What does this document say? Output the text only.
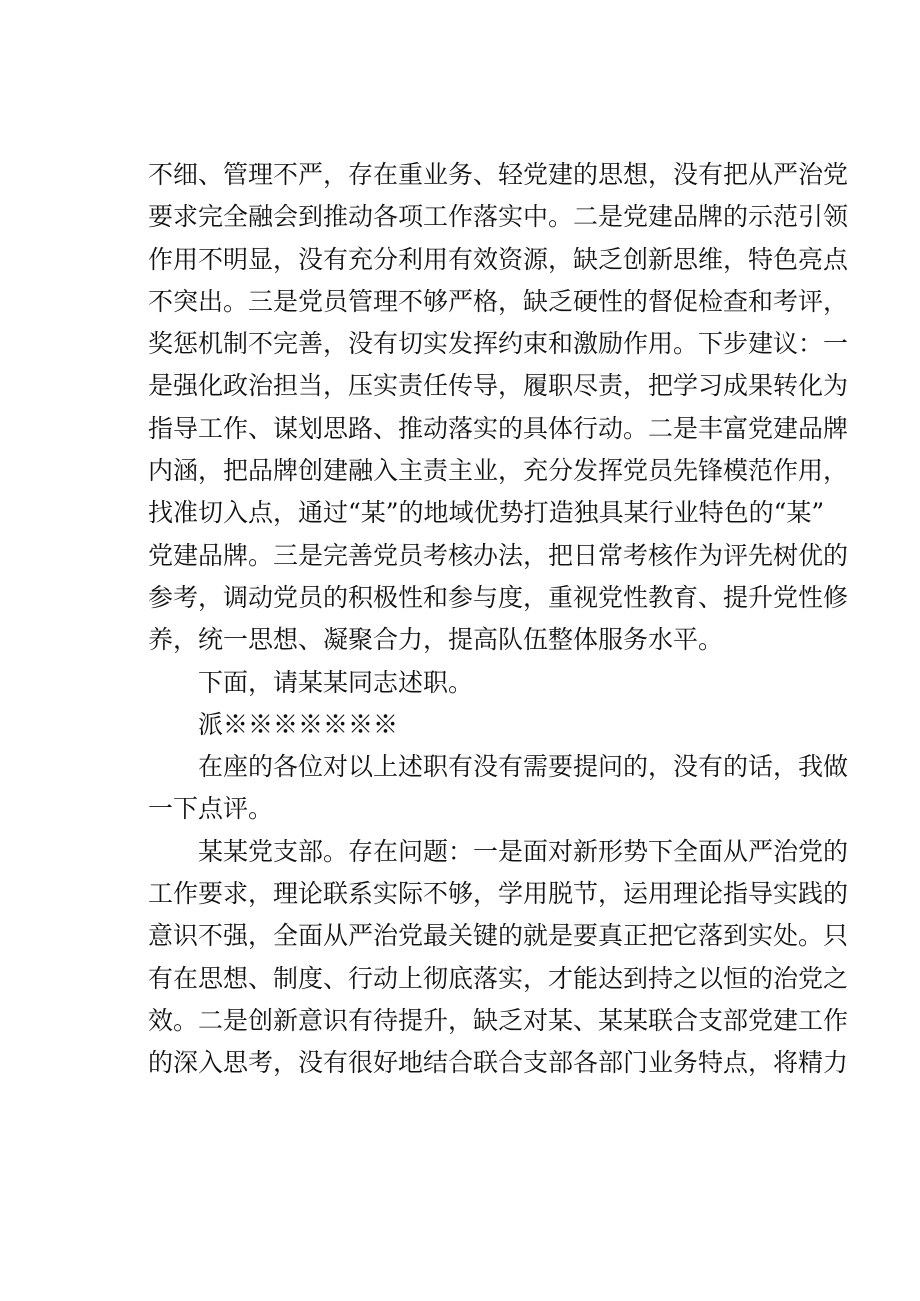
不细、管理不严，存在重业务、轻党建的思想，没有把从严治党
要求完全融会到推动各项工作落实中。二是党建品牌的示范引领
作用不明显，没有充分利用有效资源，缺乏创新思维，特色亮点
不突出。三是党员管理不够严格，缺乏硬性的督促检查和考评，
奖惩机制不完善，没有切实发挥约束和激励作用。下步建议：一
是强化政治担当，压实责任传导，履职尽责，把学习成果转化为
指导工作、谋划思路、推动落实的具体行动。二是丰富党建品牌
内涵，把品牌创建融入主责主业，充分发挥党员先锋模范作用，
找准切入点，通过“某”的地域优势打造独具某行业特色的“某”
党建品牌。三是完善党员考核办法，把日常考核作为评先树优的
参考，调动党员的积极性和参与度，重视党性教育、提升党性修
养，统一思想、凝聚合力，提高队伍整体服务水平。
下面，请某某同志述职。
派※※※※※※※
在座的各位对以上述职有没有需要提问的，没有的话，我做
一下点评。
某某党支部。存在问题：一是面对新形势下全面从严治党的
工作要求，理论联系实际不够，学用脱节，运用理论指导实践的
意识不强，全面从严治党最关键的就是要真正把它落到实处。只
有在思想、制度、行动上彻底落实，才能达到持之以恒的治党之
效。二是创新意识有待提升，缺乏对某、某某联合支部党建工作
的深入思考，没有很好地结合联合支部各部门业务特点，将精力
